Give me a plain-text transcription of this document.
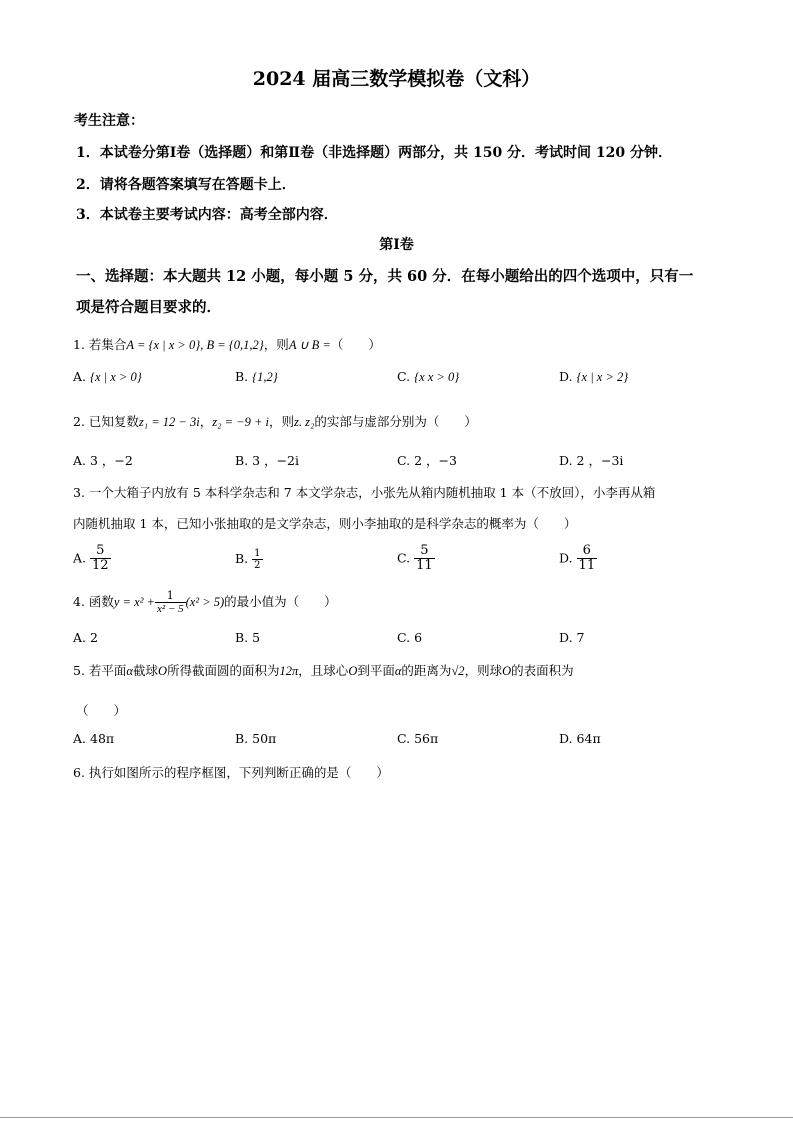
2024 届高三数学模拟卷（文科）
考生注意：
1．本试卷分第Ⅰ卷（选择题）和第Ⅱ卷（非选择题）两部分，共 150 分．考试时间 120 分钟．
2．请将各题答案填写在答题卡上．
3．本试卷主要考试内容：高考全部内容．
第Ⅰ卷
一、选择题：本大题共 12 小题，每小题 5 分，共 60 分．在每小题给出的四个选项中，只有一
项是符合题目要求的．
1. 若集合A = {x | x > 0}, B = {0,1,2}，则A ∪ B =（　　）
A. {x | x > 0}	B. {1,2}	C. {x x > 0}	D. {x | x > 2}
2. 已知复数z₁ = 12 − 3i，z₂ = −9 + i，则z. z₂的实部与虚部分别为（　　）
A. 3 ，−2	B. 3 ，−2i	C. 2 ，−3	D. 2 ，−3i
3. 一个大箱子内放有 5 本科学杂志和 7 本文学杂志，小张先从箱内随机抽取 1 本（不放回），小李再从箱
内随机抽取 1 本，已知小张抽取的是文学杂志，则小李抽取的是科学杂志的概率为（　　）
A. $\frac{5}{12}$	B. $\frac{1}{2}$	C. $\frac{5}{11}$	D. $\frac{6}{11}$
4. 函数$y = x^2 + \frac{1}{\text{x² − 5}} (x^2 > 5)$的最小值为（　　）
A. 2	B. 5	C. 6	D. 7
5. 若平面α截球O所得截面圆的面积为12π，且球心O到平面α的距离为√2，则球O的表面积为
（　　）
A. 48π	B. 50π	C. 56π	D. 64π
6. 执行如图所示的程序框图，下列判断正确的是（　　）
